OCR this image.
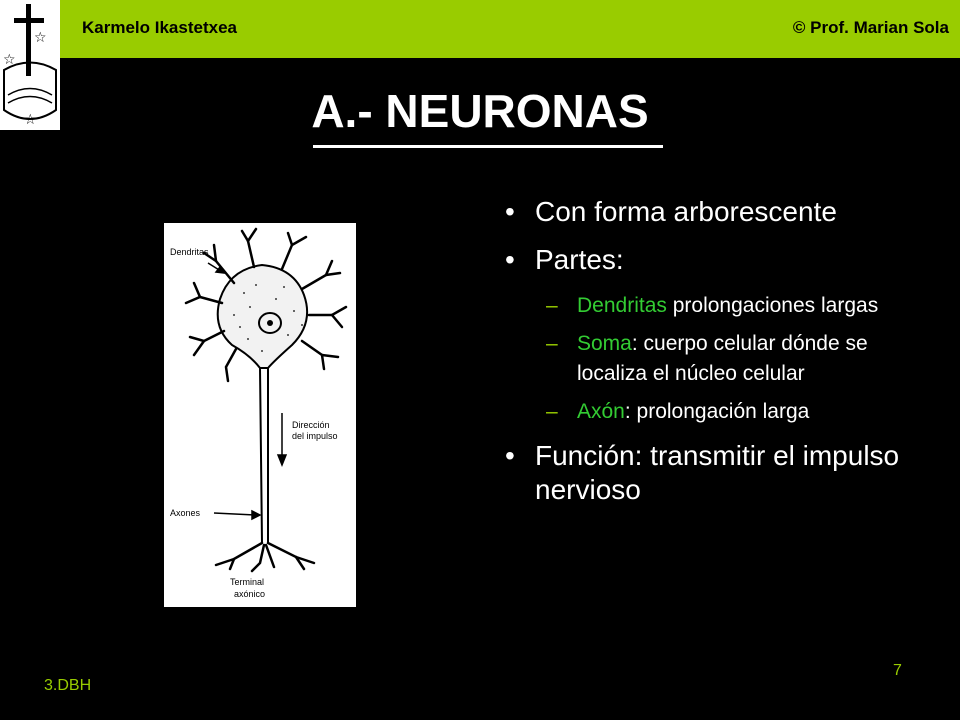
☆
☆
☆
Karmelo Ikastetxea	© Prof. Marian Sola
A.- NEURONAS
Dendritas
Dirección
del impulso
Axones
Terminal
axónico
• Con forma arborescente
• Partes:
– Dendritas prolongaciones largas
– Soma: cuerpo celular dónde se localiza el núcleo celular
– Axón: prolongación larga
• Función: transmitir el impulso nervioso
7
3.DBH
